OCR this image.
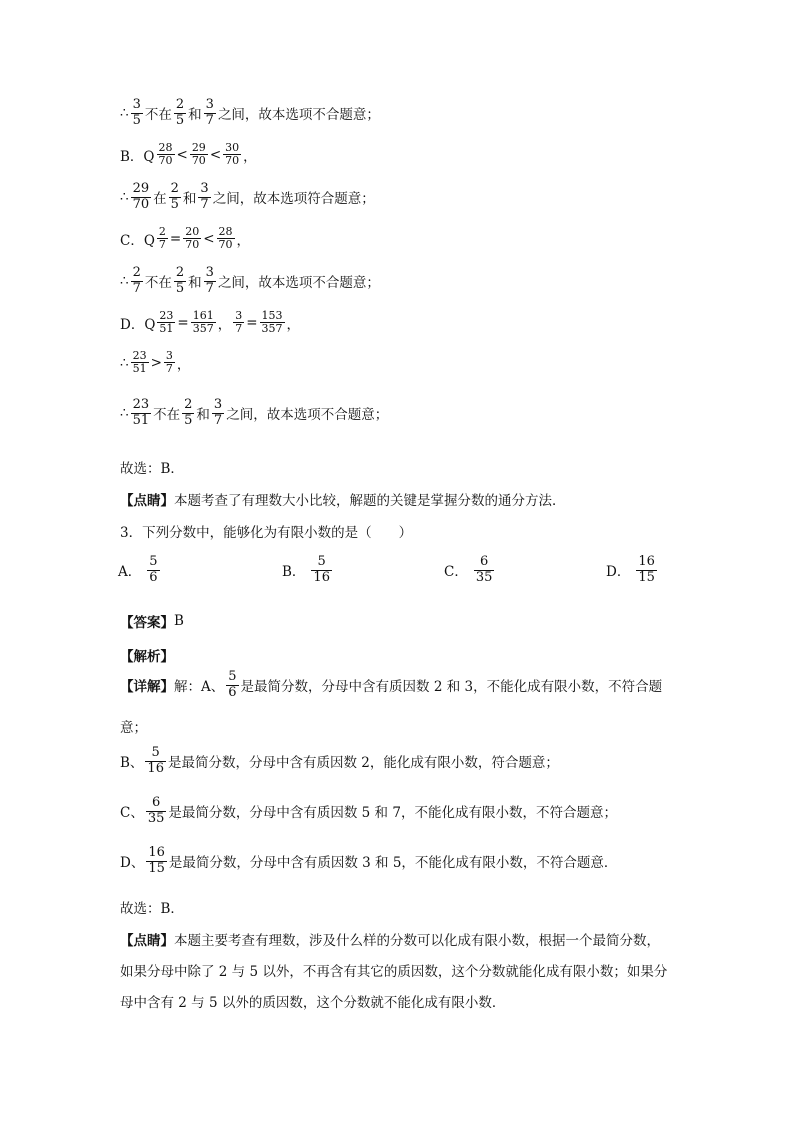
∴ $\frac{3}{5}$ 不在 $\frac{2}{5}$ 和 $\frac{3}{7}$ 之间，故本选项不合题意；
B．Q $\frac{28}{70} < \frac{29}{70} < \frac{30}{70}$ ，
∴ $\frac{29}{70}$ 在 $\frac{2}{5}$ 和 $\frac{3}{7}$ 之间，故本选项符合题意；
C．Q $\frac{2}{7} = \frac{20}{70} < \frac{28}{70}$ ，
∴ $\frac{2}{7}$ 不在 $\frac{2}{5}$ 和 $\frac{3}{7}$ 之间，故本选项不合题意；
D．Q $\frac{23}{51} = \frac{161}{357}$ ， $\frac{3}{7} = \frac{153}{357}$ ，
∴ $\frac{23}{51} > \frac{3}{7}$ ，
∴ $\frac{23}{51}$ 不在 $\frac{2}{5}$ 和 $\frac{3}{7}$ 之间，故本选项不合题意；
故选：B．
【点睛】 本题考查了有理数大小比较，解题的关键是掌握分数的通分方法．
3．下列分数中，能够化为有限小数的是（　　）
A． $\frac{5}{6}$	B． $\frac{5}{16}$	C． $\frac{6}{35}$	D． $\frac{16}{15}$
【答案】 B
【解析】
【详解】 解：A、 $\frac{5}{6}$ 是最简分数，分母中含有质因数 2 和 3，不能化成有限小数，不符合题
意；
B、 $\frac{5}{16}$ 是最简分数，分母中含有质因数 2，能化成有限小数，符合题意；
C、 $\frac{6}{35}$ 是最简分数，分母中含有质因数 5 和 7，不能化成有限小数，不符合题意；
D、 $\frac{16}{15}$ 是最简分数，分母中含有质因数 3 和 5，不能化成有限小数，不符合题意．
故选：B．
【点睛】 本题主要考查有理数，涉及什么样的分数可以化成有限小数，根据一个最简分数，
如果分母中除了 2 与 5 以外，不再含有其它的质因数，这个分数就能化成有限小数；如果分
母中含有 2 与 5 以外的质因数，这个分数就不能化成有限小数．
